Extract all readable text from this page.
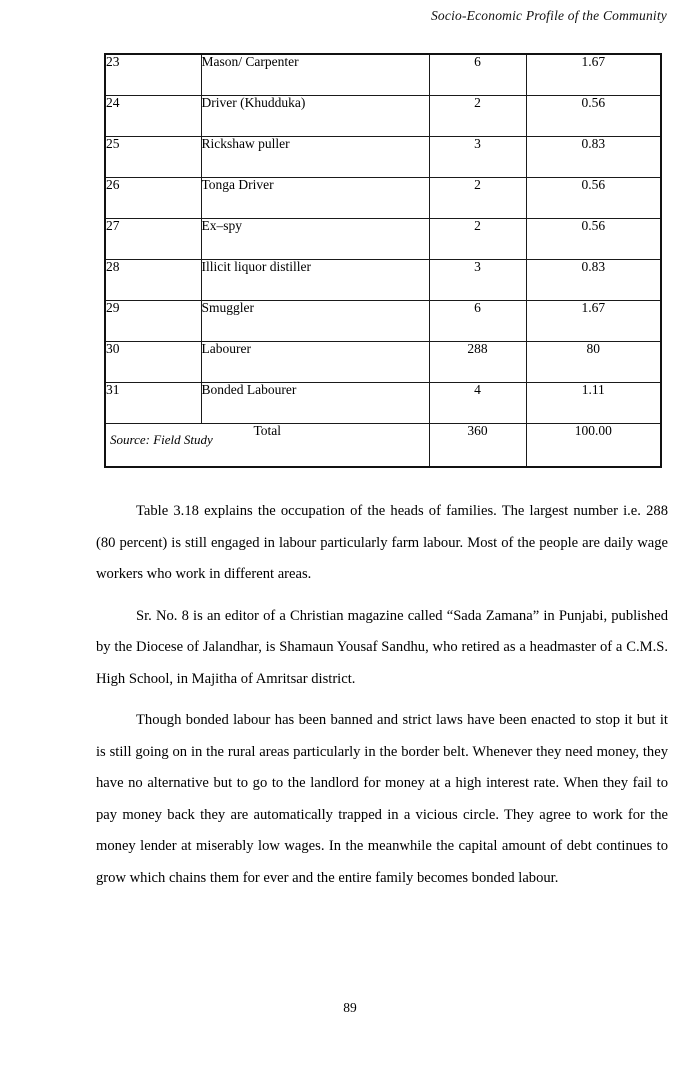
Socio-Economic Profile of the Community
23	Mason/ Carpenter	6	1.67
24	Driver (Khudduka)	2	0.56
25	Rickshaw puller	3	0.83
26	Tonga Driver	2	0.56
27	Ex–spy	2	0.56
28	Illicit liquor distiller	3	0.83
29	Smuggler	6	1.67
30	Labourer	288	80
31	Bonded Labourer	4	1.11
Total		360	100.00
Source: Field Study

Table 3.18 explains the occupation of the heads of families. The largest number i.e. 288 (80 percent) is still engaged in labour particularly farm labour. Most of the people are daily wage workers who work in different areas.

Sr. No. 8 is an editor of a Christian magazine called “Sada Zamana” in Punjabi, published by the Diocese of Jalandhar, is Shamaun Yousaf Sandhu, who retired as a headmaster of a C.M.S. High School, in Majitha of Amritsar district.

Though bonded labour has been banned and strict laws have been enacted to stop it but it is still going on in the rural areas particularly in the border belt. Whenever they need money, they have no alternative but to go to the landlord for money at a high interest rate. When they fail to pay money back they are automatically trapped in a vicious circle. They agree to work for the money lender at miserably low wages. In the meanwhile the capital amount of debt continues to grow which chains them for ever and the entire family becomes bonded labour.

89
